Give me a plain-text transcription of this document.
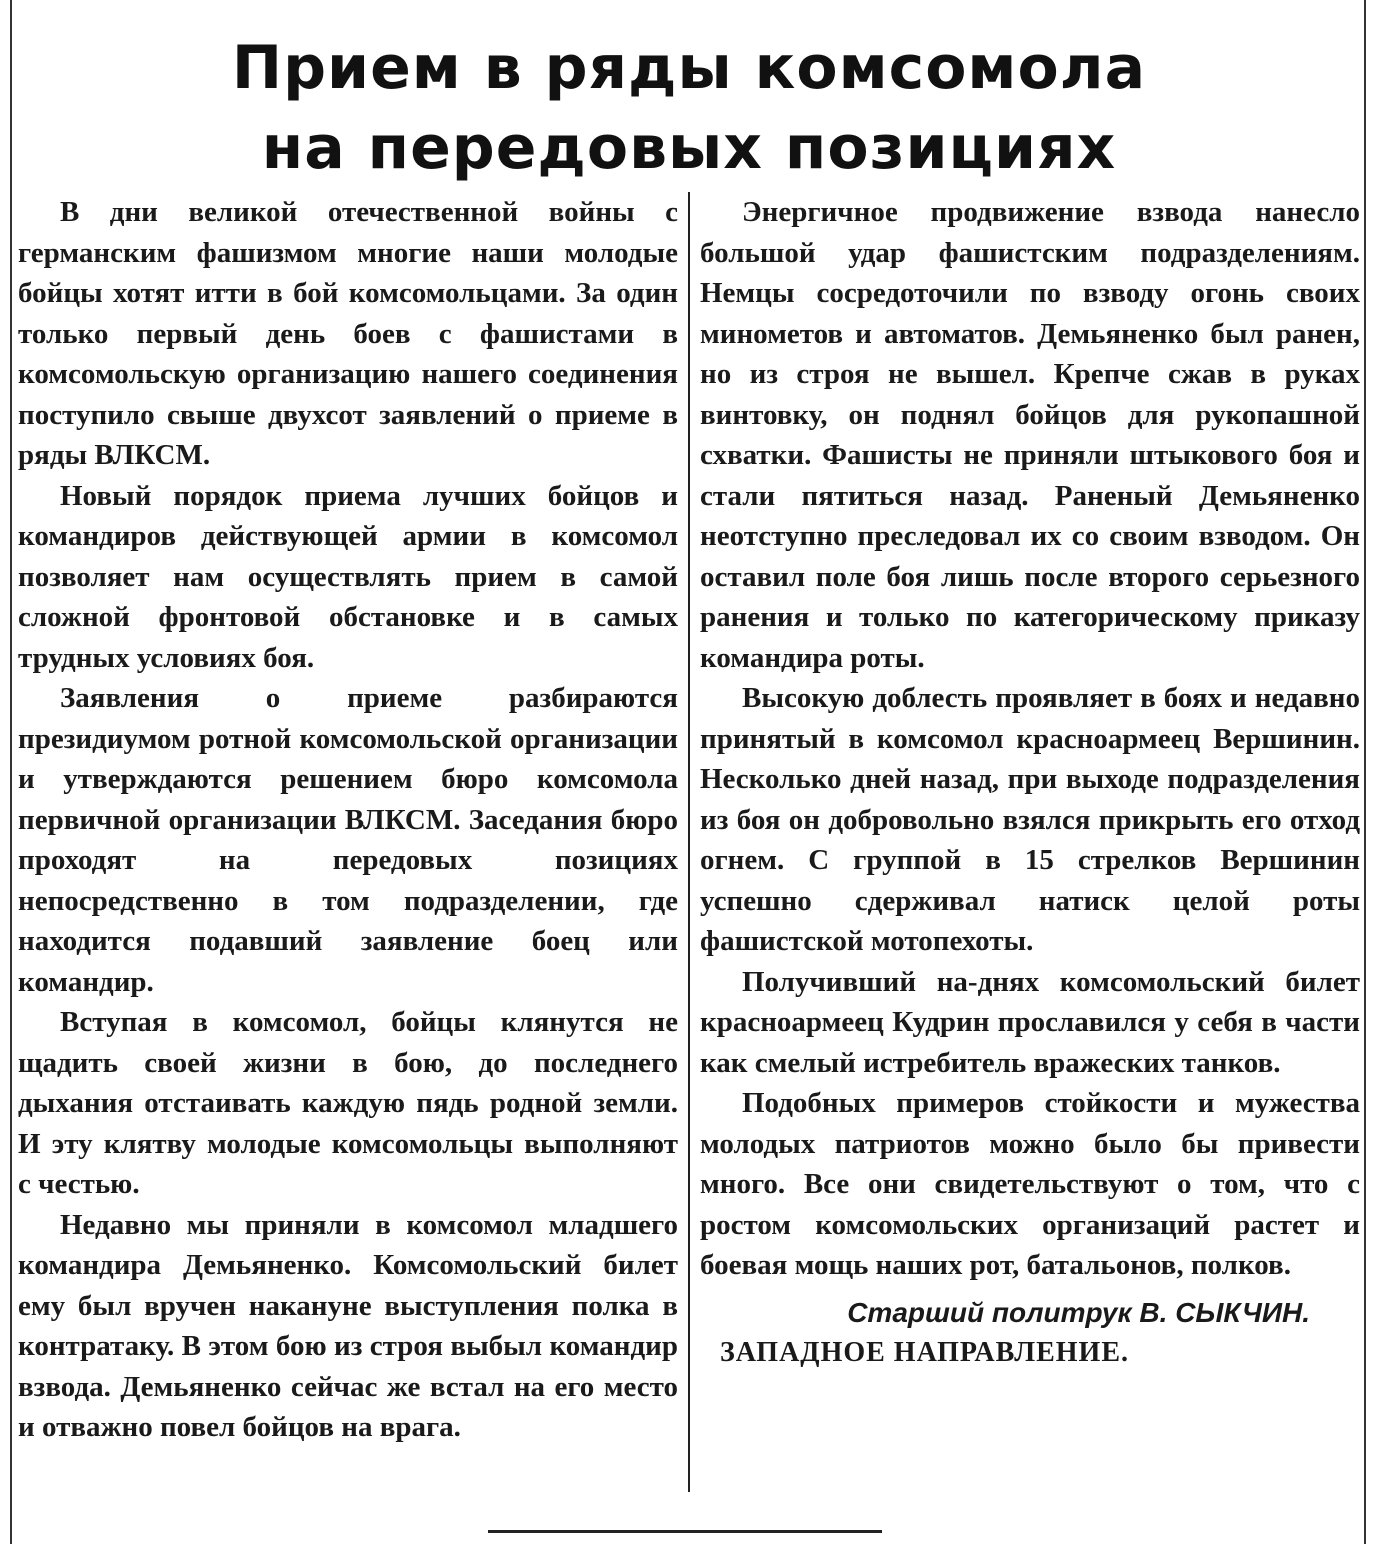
Прием в ряды комсомола
на передовых позициях

В дни великой отечественной войны с германским фашизмом многие наши молодые бойцы хотят итти в бой комсомольцами. За один только первый день боев с фашистами в комсомольскую организацию нашего соединения поступило свыше двухсот заявлений о приеме в ряды ВЛКСМ.

Новый порядок приема лучших бойцов и командиров действующей армии в комсомол позволяет нам осуществлять прием в самой сложной фронтовой обстановке и в самых трудных условиях боя.

Заявления о приеме разбираются президиумом ротной комсомольской организации и утверждаются решением бюро комсомола первичной организации ВЛКСМ. Заседания бюро проходят на передовых позициях непосредственно в том подразделении, где находится подавший заявление боец или командир.

Вступая в комсомол, бойцы клянутся не щадить своей жизни в бою, до последнего дыхания отстаивать каждую пядь родной земли. И эту клятву молодые комсомольцы выполняют с честью.

Недавно мы приняли в комсомол младшего командира Демьяненко. Комсомольский билет ему был вручен накануне выступления полка в контратаку. В этом бою из строя выбыл командир взвода. Демьяненко сейчас же встал на его место и отважно повел бойцов на врага.

Энергичное продвижение взвода нанесло большой удар фашистским подразделениям. Немцы сосредоточили по взводу огонь своих минометов и автоматов. Демьяненко был ранен, но из строя не вышел. Крепче сжав в руках винтовку, он поднял бойцов для рукопашной схватки. Фашисты не приняли штыкового боя и стали пятиться назад. Раненый Демьяненко неотступно преследовал их со своим взводом. Он оставил поле боя лишь после второго серьезного ранения и только по категорическому приказу командира роты.

Высокую доблесть проявляет в боях и недавно принятый в комсомол красноармеец Вершинин. Несколько дней назад, при выходе подразделения из боя он добровольно взялся прикрыть его отход огнем. С группой в 15 стрелков Вершинин успешно сдерживал натиск целой роты фашистской мотопехоты.

Получивший на-днях комсомольский билет красноармеец Кудрин прославился у себя в части как смелый истребитель вражеских танков.

Подобных примеров стойкости и мужества молодых патриотов можно было бы привести много. Все они свидетельствуют о том, что с ростом комсомольских организаций растет и боевая мощь наших рот, батальонов, полков.

Старший политрук В. СЫКЧИН.
ЗАПАДНОЕ НАПРАВЛЕНИЕ.
